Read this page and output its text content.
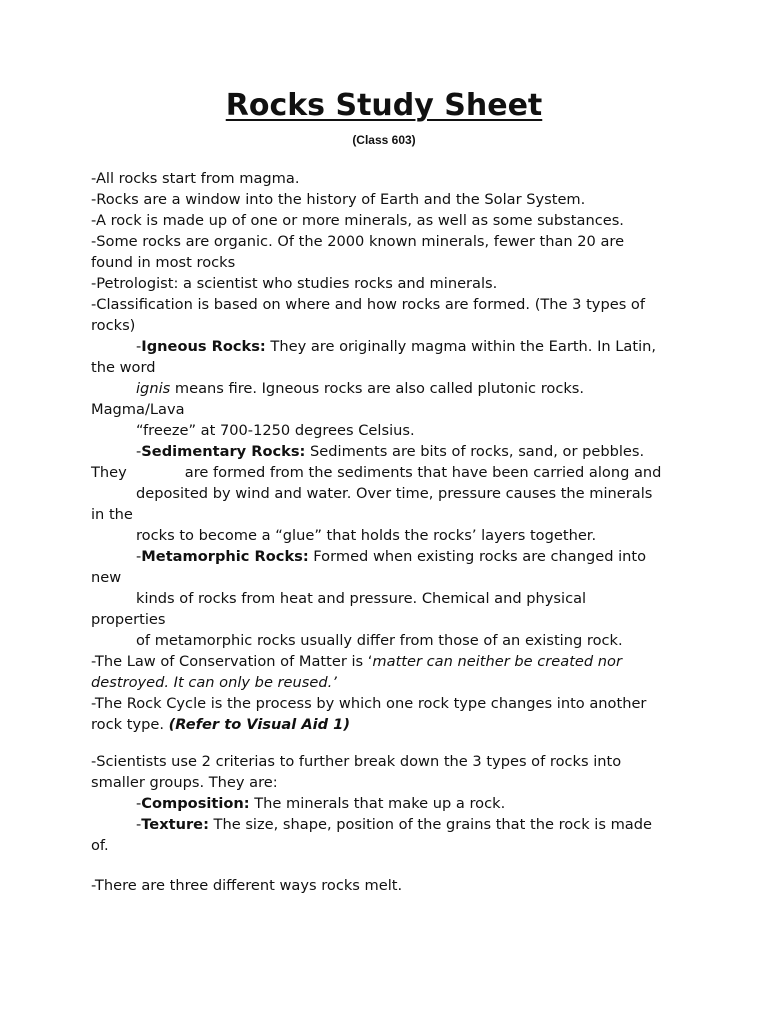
Rocks Study Sheet
(Class 603)
-All rocks start from magma.
-Rocks are a window into the history of Earth and the Solar System.
-A rock is made up of one or more minerals, as well as some substances.
-Some rocks are organic. Of the 2000 known minerals, fewer than 20 are
found in most rocks
-Petrologist: a scientist who studies rocks and minerals.
-Classification is based on where and how rocks are formed. (The 3 types of
rocks)
-Igneous Rocks: They are originally magma within the Earth. In Latin,
the word
ignis means fire. Igneous rocks are also called plutonic rocks.
Magma/Lava
“freeze” at 700-1250 degrees Celsius.
-Sedimentary Rocks: Sediments are bits of rocks, sand, or pebbles.
They	are formed from the sediments that have been carried along and
deposited by wind and water. Over time, pressure causes the minerals
in the
rocks to become a “glue” that holds the rocks’ layers together.
-Metamorphic Rocks: Formed when existing rocks are changed into
new
kinds of rocks from heat and pressure. Chemical and physical
properties
of metamorphic rocks usually differ from those of an existing rock.
-The Law of Conservation of Matter is ‘matter can neither be created nor
destroyed. It can only be reused.’
-The Rock Cycle is the process by which one rock type changes into another
rock type. (Refer to Visual Aid 1)
-Scientists use 2 criterias to further break down the 3 types of rocks into
smaller groups. They are:
-Composition: The minerals that make up a rock.
-Texture: The size, shape, position of the grains that the rock is made
of.
-There are three different ways rocks melt.
